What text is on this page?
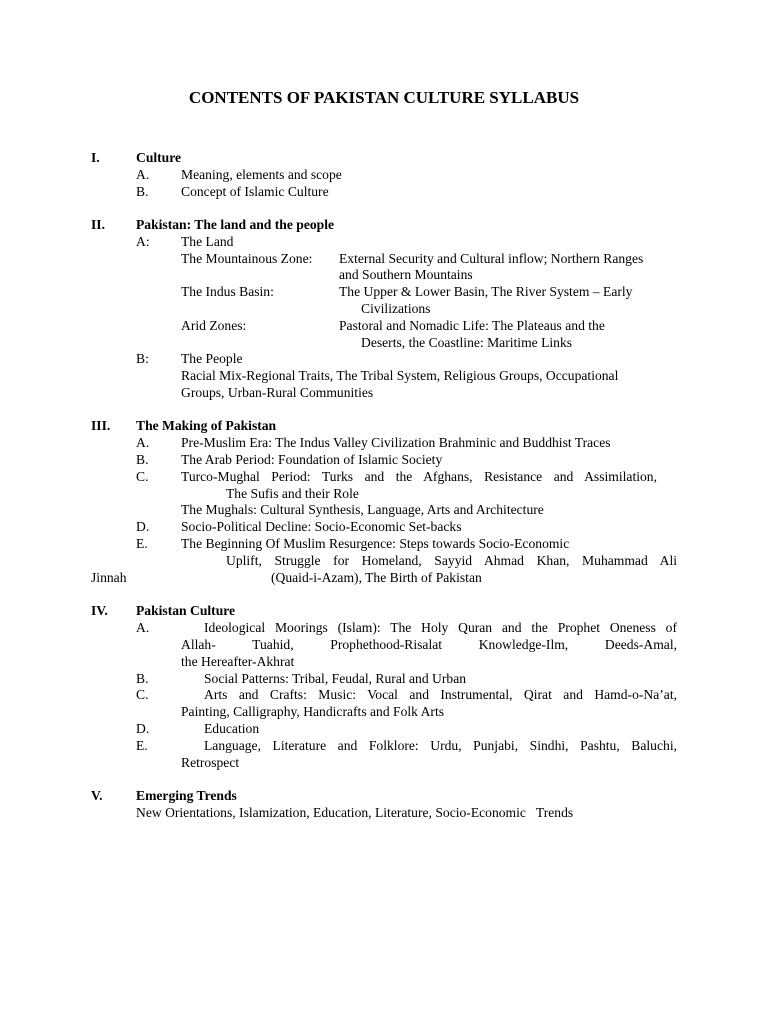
CONTENTS OF PAKISTAN CULTURE SYLLABUS
I.	Culture
A. Meaning, elements and scope
B. Concept of Islamic Culture
II. Pakistan: The land and the people
A: The Land
The Mountainous Zone: External Security and Cultural inflow; Northern Ranges
and Southern Mountains
The Indus Basin:	The Upper & Lower Basin, The River System – Early
Civilizations
Arid Zones:	Pastoral and Nomadic Life: The Plateaus and the
Deserts, the Coastline: Maritime Links
B: The People
Racial Mix-Regional Traits, The Tribal System, Religious Groups, Occupational
Groups, Urban-Rural Communities
III. The Making of Pakistan
A. Pre-Muslim Era: The Indus Valley Civilization Brahminic and Buddhist Traces
B. The Arab Period: Foundation of Islamic Society
C. Turco-Mughal Period: Turks and the Afghans, Resistance and Assimilation,
The Sufis and their Role
The Mughals: Cultural Synthesis, Language, Arts and Architecture
D. Socio-Political Decline: Socio-Economic Set-backs
E. The Beginning Of Muslim Resurgence: Steps towards Socio-Economic
Uplift, Struggle for Homeland, Sayyid Ahmad Khan, Muhammad Ali
Jinnah	(Quaid-i-Azam), The Birth of Pakistan
IV. Pakistan Culture
A.	Ideological Moorings (Islam): The Holy Quran and the Prophet Oneness of
Allah- Tuahid, Prophethood-Risalat Knowledge-Ilm, Deeds-Amal,
the Hereafter-Akhrat
B.	Social Patterns: Tribal, Feudal, Rural and Urban
C.	Arts and Crafts: Music: Vocal and Instrumental, Qirat and Hamd-o-Na’at,
Painting, Calligraphy, Handicrafts and Folk Arts
D.	Education
E.	Language, Literature and Folklore: Urdu, Punjabi, Sindhi, Pashtu, Baluchi,
Retrospect
V. Emerging Trends
New Orientations, Islamization, Education, Literature, Socio-Economic   Trends
